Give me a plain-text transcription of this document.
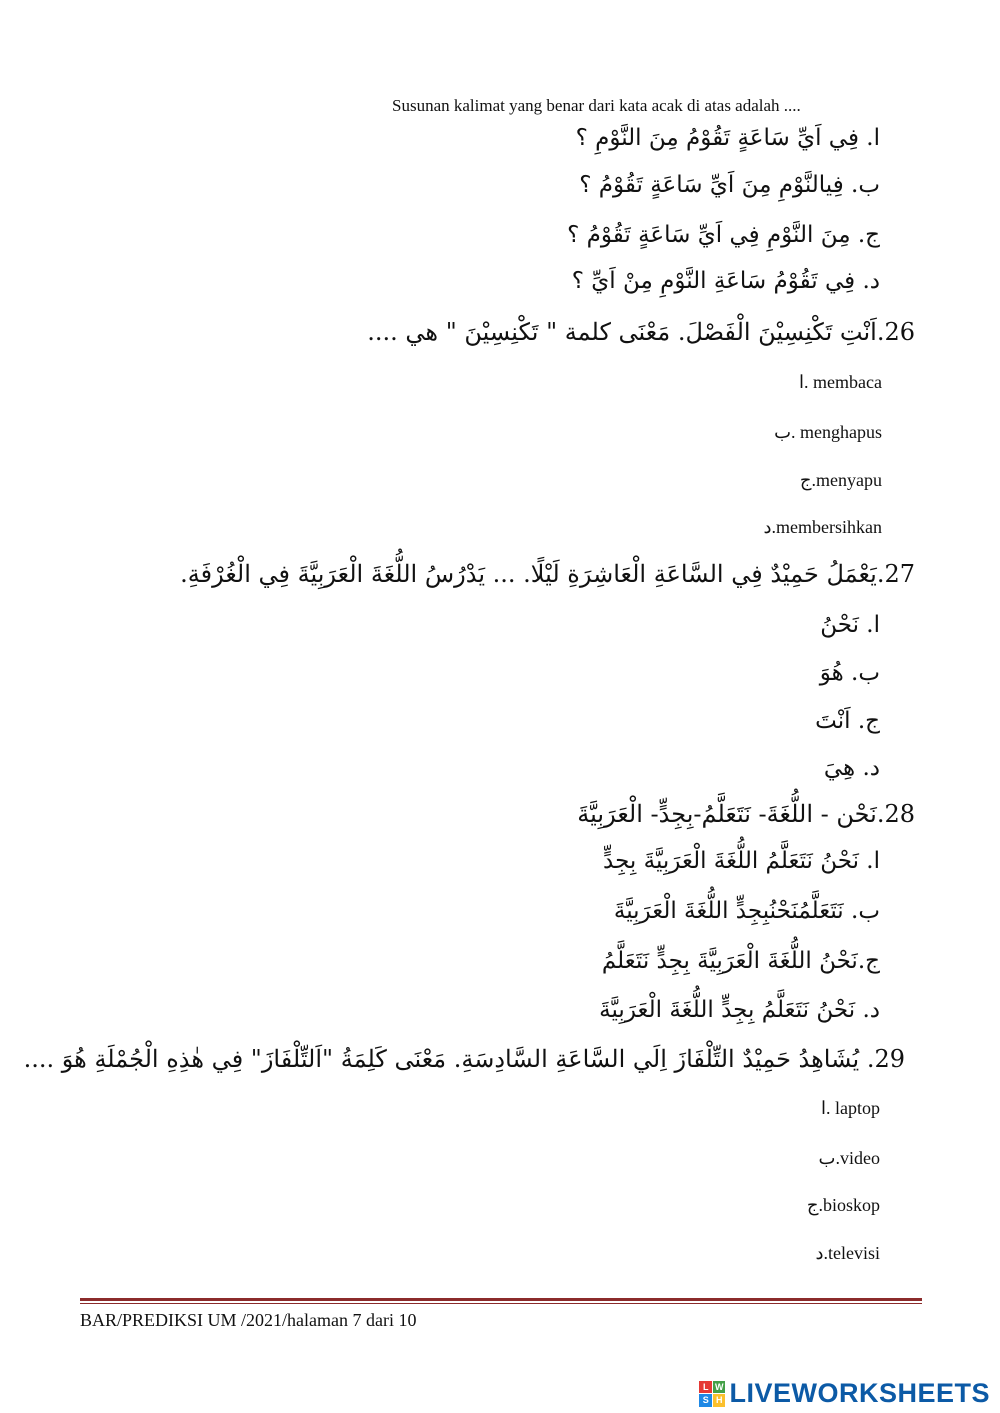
Susunan kalimat yang benar dari kata acak di atas adalah ....
ا. فِي اَيِّ سَاعَةٍ تَقُوْمُ مِنَ النَّوْمِ ؟
ب. فِيالنَّوْمِ مِنَ اَيِّ سَاعَةٍ تَقُوْمُ ؟
ج. مِنَ النَّوْمِ فِي اَيِّ سَاعَةٍ تَقُوْمُ ؟
د. فِي تَقُوْمُ سَاعَةِ النَّوْمِ مِنْ اَيِّ ؟
26.اَنْتِ تَكْنِسِيْنَ الْفَصْلَ. مَعْنَى كلمة " تَكْنِسِيْنَ " هي ....
membaca .ا
menghapus .ب
menyapu.ج
membersihkan.د
27.يَعْمَلُ حَمِيْدٌ فِي السَّاعَةِ الْعَاشِرَةِ لَيْلًا. ... يَدْرُسُ اللُّغَةَ الْعَرَبِيَّةَ فِي الْغُرْفَةِ.
ا. نَحْنُ
ب. هُوَ
ج. اَنْتَ
د. هِيَ
28.نَحْن - اللُّغَةَ- نَتَعَلَّمُ-بِجِدٍّ- الْعَرَبِيَّةَ
ا. نَحْنُ نَتَعَلَّمُ اللُّغَةَ الْعَرَبِيَّةَ بِجِدٍّ
ب. نَتَعَلَّمُنَحْنُبِجِدٍّ اللُّغَةَ الْعَرَبِيَّةَ
ج.نَحْنُ اللُّغَةَ الْعَرَبِيَّةَ بِجِدٍّ نَتَعَلَّمُ
د. نَحْنُ نَتَعَلَّمُ بِجِدٍّ اللُّغَةَ الْعَرَبِيَّةَ
29. يُشَاهِدُ حَمِيْدٌ التِّلْفَازَ اِلَي السَّاعَةِ السَّادِسَةِ. مَعْنَى كَلِمَةُ "اَلتِّلْفَازَ" فِي هٰذِهِ الْجُمْلَةِ هُوَ ....
laptop .ا
video.ب
bioskop.ج
televisi.د
BAR/PREDIKSI UM /2021/halaman 7 dari 10
L W
S H LIVEWORKSHEETS
